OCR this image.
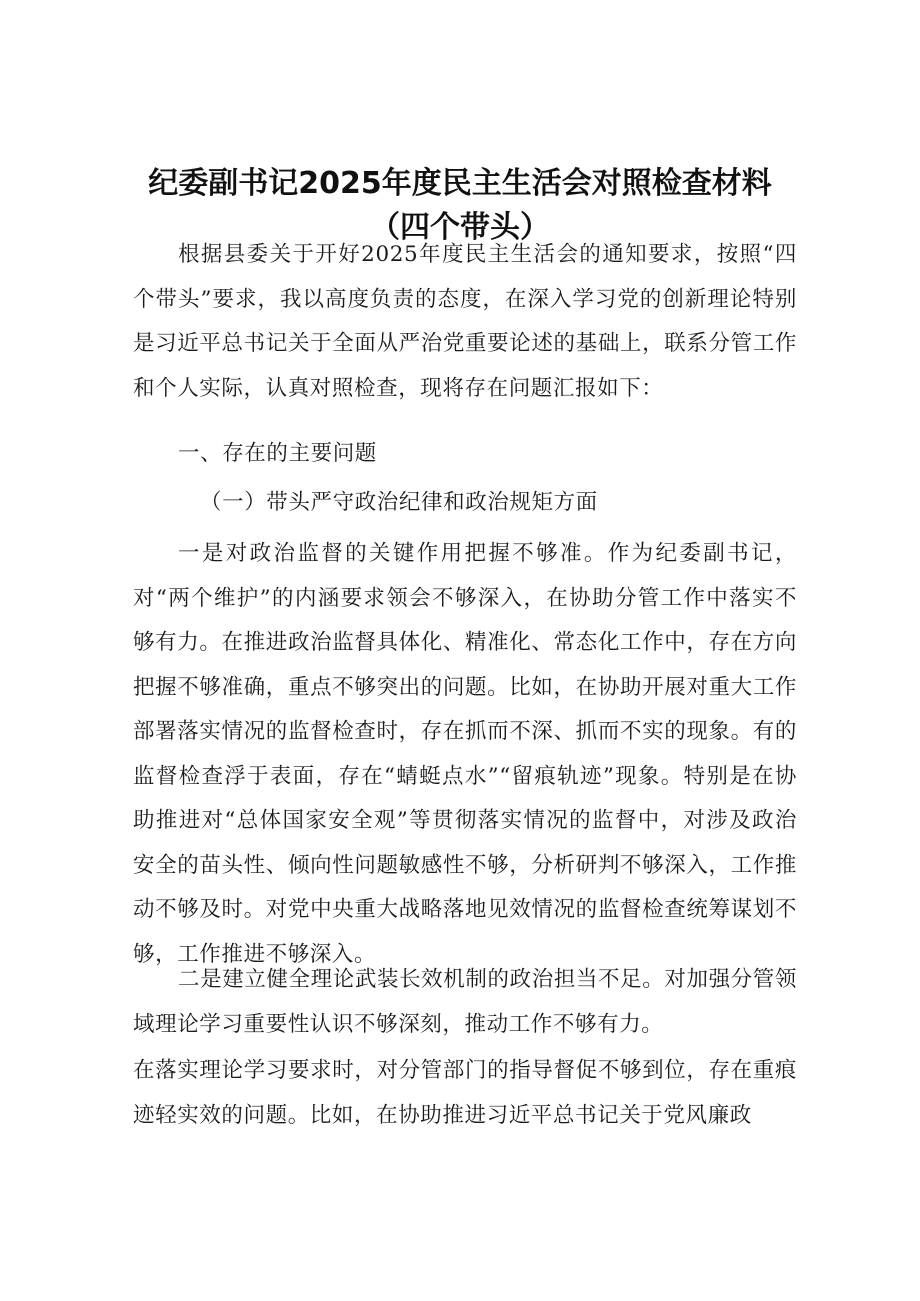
纪委副书记2025年度民主生活会对照检查材料
（四个带头）
根据县委关于开好2025年度民主生活会的通知要求，按照“四个带头”要求，我以高度负责的态度，在深入学习党的创新理论特别是习近平总书记关于全面从严治党重要论述的基础上，联系分管工作和个人实际，认真对照检查，现将存在问题汇报如下：
一、存在的主要问题
（一）带头严守政治纪律和政治规矩方面
一是对政治监督的关键作用把握不够准。作为纪委副书记，对“两个维护”的内涵要求领会不够深入，在协助分管工作中落实不够有力。在推进政治监督具体化、精准化、常态化工作中，存在方向把握不够准确，重点不够突出的问题。比如，在协助开展对重大工作部署落实情况的监督检查时，存在抓而不深、抓而不实的现象。有的监督检查浮于表面，存在“蜻蜓点水”“留痕轨迹”现象。特别是在协助推进对“总体国家安全观”等贯彻落实情况的监督中，对涉及政治安全的苗头性、倾向性问题敏感性不够，分析研判不够深入，工作推动不够及时。对党中央重大战略落地见效情况的监督检查统筹谋划不够，工作推进不够深入。
二是建立健全理论武装长效机制的政治担当不足。对加强分管领域理论学习重要性认识不够深刻，推动工作不够有力。
在落实理论学习要求时，对分管部门的指导督促不够到位，存在重痕迹轻实效的问题。比如，在协助推进习近平总书记关于党风廉政
